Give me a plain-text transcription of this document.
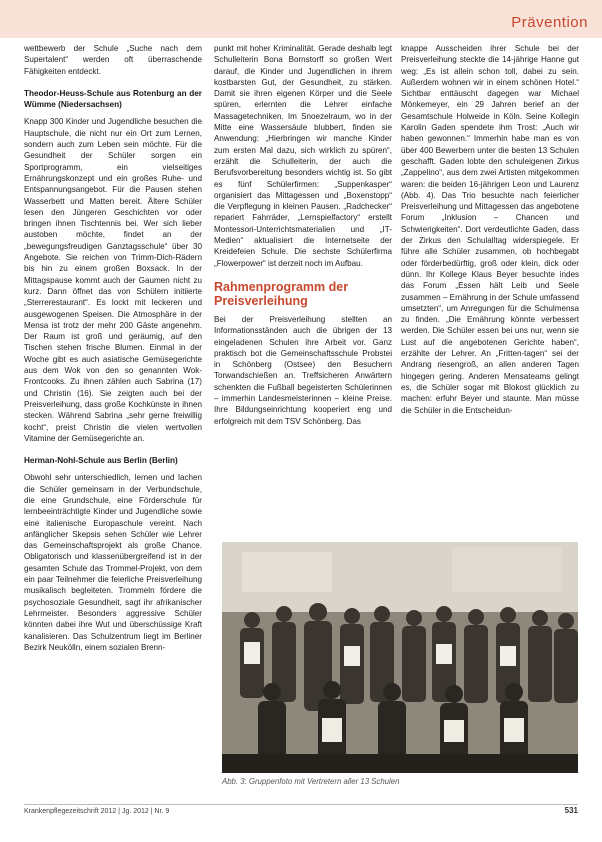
Prävention

wettbewerb der Schule „Suche nach dem Supertalent“ werden oft überraschende Fähigkeiten entdeckt.

Theodor-Heuss-Schule aus Rotenburg an der Wümme (Niedersachsen)

Knapp 300 Kinder und Jugendliche besuchen die Hauptschule, die nicht nur ein Ort zum Lernen, sondern auch zum Leben sein möchte. Für die Gesundheit der Schüler sorgen ein Sportprogramm, ein vielseitiges Ernährungskonzept und ein großes Ruhe- und Entspannungsangebot. Für die Pausen stehen Wasserbett und Matten bereit. Ältere Schüler lesen den Jüngeren Geschichten vor oder bringen ihnen Tischtennis bei. Wer sich lieber austoben möchte, findet an der „bewegungsfreudigen Ganztagsschule“ über 30 Angebote. Sie reichen von Trimm-Dich-Rädern bis hin zu einem großen Boxsack. In der Mittagspause kommt auch der Gaumen nicht zu kurz. Dann öffnet das von Schülern initiierte „Sterrerestaurant“. Es lockt mit leckeren und ausgewogenen Speisen. Die Atmosphäre in der Mensa ist trotz der mehr 200 Gäste angenehm. Der Raum ist groß und geräumig, auf den Tischen stehen frische Blumen. Einmal in der Woche gibt es auch asiatische Gemüsegerichte aus dem Wok von den so genannten Wok-Frontcooks. Zu ihnen zählen auch Sabrina (17) und Christin (16). Sie zeigten auch bei der Preisverleihung, dass große Kochkünste in ihnen stecken. Während Sabrina „sehr gerne freiwillig kocht“, preist Christin die vielen wertvollen Vitamine der Gemüsegerichte an.

Herman-Nohl-Schule aus Berlin (Berlin)

Obwohl sehr unterschiedlich, lernen und lachen die Schüler gemeinsam in der Verbundschule, die eine Grundschule, eine Förderschule für lernbeeinträchtigte Kinder und Jugendliche sowie eine italienische Europaschule vereint. Nach anfänglicher Skepsis sehen Schüler wie Lehrer das Gemeinschaftsprojekt als große Chance. Obligatorisch und klassenübergreifend ist in der gesamten Schule das Trommel-Projekt, von dem ein paar Teilnehmer die feierliche Preisverleihung musikalisch begleiteten. Trommeln fördere die psychosoziale Gesundheit, sagt ihr afrikanischer Lehrmeister. Besonders aggressive Schüler könnten dabei ihre Wut und überschüssige Kraft kanalisieren. Das Schulzentrum liegt im Berliner Bezirk Neukölln, einem sozialen Brenn-

punkt mit hoher Kriminalität. Gerade deshalb legt Schulleiterin Bona Bornstorff so großen Wert darauf, die Kinder und Jugendlichen in ihrem kostbarsten Gut, der Gesundheit, zu stärken. Damit sie ihren eigenen Körper und die Seele spüren, erlernten die Lehrer einfache Massagetechniken. Im Snoezelraum, wo in der Mitte eine Wassersäule blubbert, finden sie Anwendung: „Hierbringen wir manche Kinder zum ersten Mal dazu, sich wirklich zu spüren“, erzählt die Schulleiterin, der auch die Berufsvorbereitung besonders wichtig ist. So gibt es fünf Schülerfirmen: „Suppenkasper“ organisiert das Mittagessen und „Boxenstopp“ die Verpflegung in kleinen Pausen. „Radchecker“ repariert Fahrräder, „Lernspielfactory“ erstellt Montessori-Unterrichtsmaterialien und „IT-Medien“ aktualisiert die Internetseite der Kreidefeien Schule. Die sechste Schülerfirma „Flowerpower“ ist derzeit noch im Aufbau.

Rahmenprogramm der Preisverleihung

Bei der Preisverleihung stellten an Informationsständen auch die übrigen der 13 eingeladenen Schulen ihre Arbeit vor. Ganz praktisch bot die Gemeinschaftsschule Probstei in Schönberg (Ostsee) den Besuchern Torwandschießen an. Treffsicheren Anwärtern schenkten die Fußball begeisterten Schülerinnen – immerhin Landesmeisterinnen – kleine Preise. Ihre Bildungseinrichtung kooperiert eng und erfolgreich mit dem TSV Schönberg. Das

knappe Ausscheiden ihrer Schule bei der Preisverleihung steckte die 14-jährige Hanne gut weg: „Es ist allein schon toll, dabei zu sein. Außerdem wohnen wir in einem schönen Hotel.“ Sichtbar enttäuscht dagegen war Michael Mönkemeyer, ein 29 Jahren berief an der Gesamtschule Holweide in Köln. Seine Kollegin Karolin Gaden spendete ihm Trost: „Auch wir haben gewonnen.“ Immerhin habe man es von über 400 Bewerbern unter die besten 13 Schulen geschafft. Gaden lobte den schuleigenen Zirkus „Zappelino“, aus dem zwei Artisten mitgekommen waren: die beiden 16-jährigen Leon und Laurenz (Abb. 4). Das Trio besuchte nach feierlicher Preisverleihung und Mittagessen das angebotene Forum „Inklusion – Chancen und Schwierigkeiten“. Dort verdeutlichte Gaden, dass der Zirkus den Schulalltag widerspiegele. Er führe alle Schüler zusammen, ob hochbegabt oder förderbedürftig, groß oder klein, dick oder dünn. Ihr Kollege Klaus Beyer besuchte indes das Forum „Essen hält Leib und Seele zusammen – Ernährung in der Schule umfassend umsetzten“, um Anregungen für die Schulmensa zu finden. „Die Ernährung könnte verbessert werden. Die Schüler essen bei uns nur, wenn sie Lust auf die angebotenen Gerichte haben“, erzählte der Lehrer. An „Fritten-tagen“ sei der Andrang riesengroß, an allen anderen Tagen hingegen gering. Anderen Mensateams gelingt es, die Schüler sogar mit Blokost glücklich zu machen: erfuhr Beyer und staunte. Man müsse die Schüler in die Entscheidun-

Abb. 3: Gruppenfoto mit Vertretern aller 13 Schulen
Krankenpflegezeitschrift 2012 | Jg. 2012 | Nr. 9	531
